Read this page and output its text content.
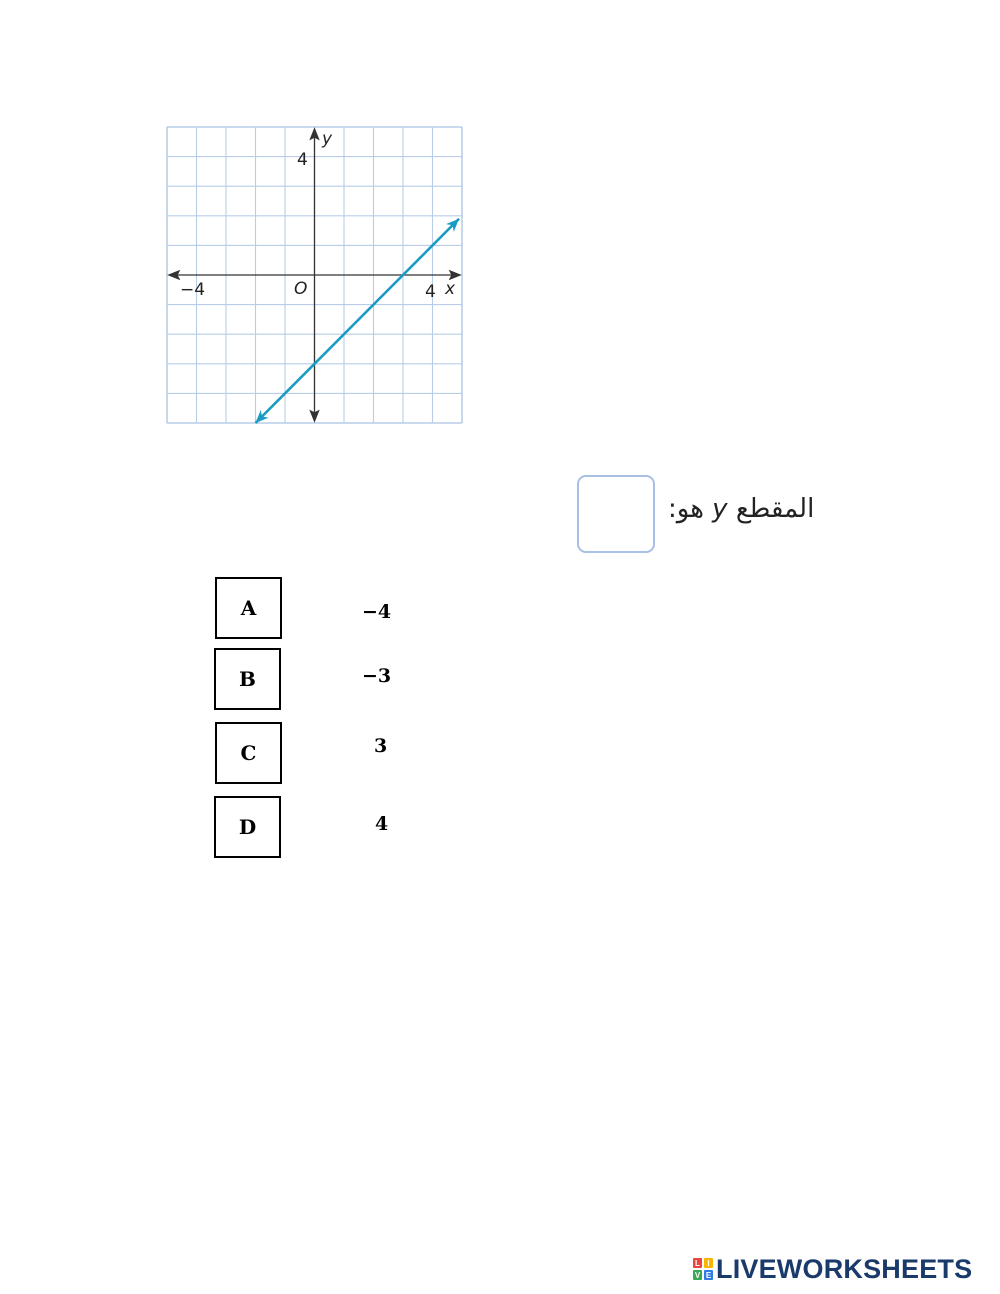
y
x
O
−4	4
4
المقطع y هو:
A	−4
B	−3
C	3
D	4
L I
V E LIVEWORKSHEETS
